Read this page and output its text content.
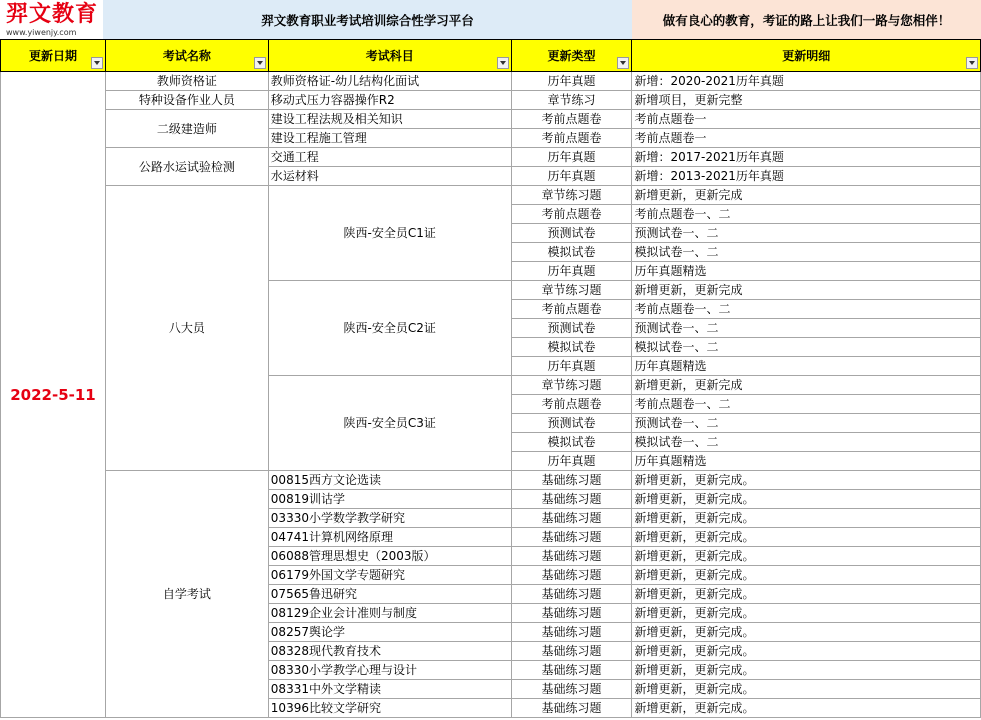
羿文教育
www.yiwenjy.com
羿文教育职业考试培训综合性学习平台	做有良心的教育，考证的路上让我们一路与您相伴！
更新日期	考试名称	考试科目	更新类型	更新明细

2022-5-11	教师资格证	教师资格证-幼儿结构化面试	历年真题	新增：2020-2021历年真题
	特种设备作业人员	移动式压力容器操作R2	章节练习	新增项目，更新完整
	二级建造师	建设工程法规及相关知识	考前点题卷	考前点题卷一
		建设工程施工管理	考前点题卷	考前点题卷一
	公路水运试验检测	交通工程	历年真题	新增：2017-2021历年真题
		水运材料	历年真题	新增：2013-2021历年真题
	八大员	陕西-安全员C1证	章节练习题	新增更新，更新完成
			考前点题卷	考前点题卷一、二
			预测试卷	预测试卷一、二
			模拟试卷	模拟试卷一、二
			历年真题	历年真题精选
		陕西-安全员C2证	章节练习题	新增更新，更新完成
			考前点题卷	考前点题卷一、二
			预测试卷	预测试卷一、二
			模拟试卷	模拟试卷一、二
			历年真题	历年真题精选
		陕西-安全员C3证	章节练习题	新增更新，更新完成
			考前点题卷	考前点题卷一、二
			预测试卷	预测试卷一、二
			模拟试卷	模拟试卷一、二
			历年真题	历年真题精选
	自学考试	00815西方文论选读	基础练习题	新增更新，更新完成。
		00819训诂学	基础练习题	新增更新，更新完成。
		03330小学数学教学研究	基础练习题	新增更新，更新完成。
		04741计算机网络原理	基础练习题	新增更新，更新完成。
		06088管理思想史（2003版）	基础练习题	新增更新，更新完成。
		06179外国文学专题研究	基础练习题	新增更新，更新完成。
		07565鲁迅研究	基础练习题	新增更新，更新完成。
		08129企业会计准则与制度	基础练习题	新增更新，更新完成。
		08257舆论学	基础练习题	新增更新，更新完成。
		08328现代教育技术	基础练习题	新增更新，更新完成。
		08330小学教学心理与设计	基础练习题	新增更新，更新完成。
		08331中外文学精读	基础练习题	新增更新，更新完成。
		10396比较文学研究	基础练习题	新增更新，更新完成。
